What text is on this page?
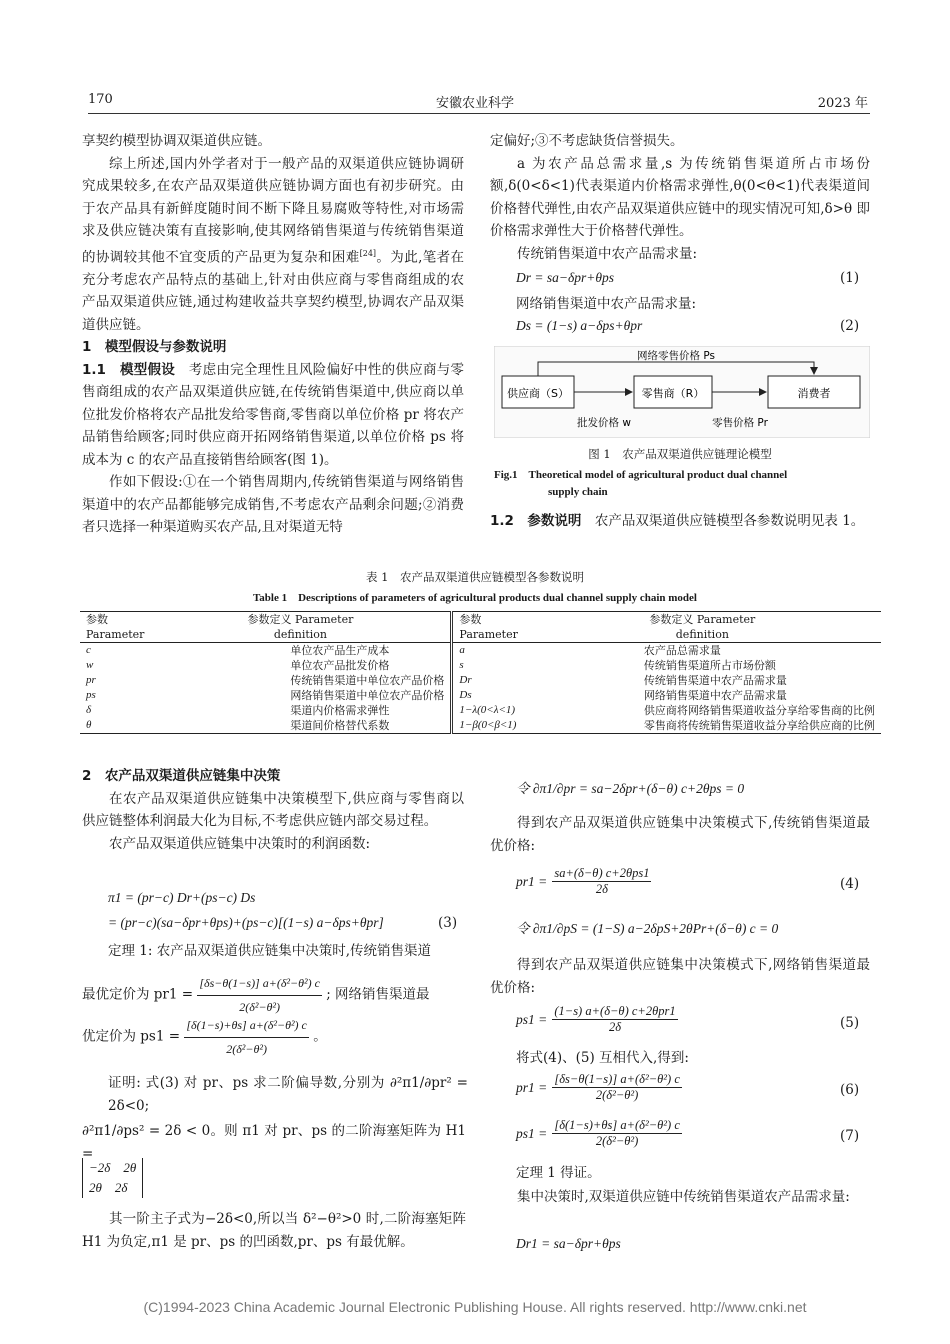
170	安徽农业科学	2023 年

享契约模型协调双渠道供应链。

综上所述,国内外学者对于一般产品的双渠道供应链协调研究成果较多,在农产品双渠道供应链协调方面也有初步研究。由于农产品具有新鲜度随时间不断下降且易腐败等特性,对市场需求及供应链决策有直接影响,使其网络销售渠道与传统销售渠道的协调较其他不宜变质的产品更为复杂和困难[24]。为此,笔者在充分考虑农产品特点的基础上,针对由供应商与零售商组成的农产品双渠道供应链,通过构建收益共享契约模型,协调农产品双渠道供应链。

1　模型假设与参数说明

1.1　模型假设　 考虑由完全理性且风险偏好中性的供应商与零售商组成的农产品双渠道供应链,在传统销售渠道中,供应商以单位批发价格将农产品批发给零售商,零售商以单位价格 pr 将农产品销售给顾客;同时供应商开拓网络销售渠道,以单位价格 ps 将成本为 c 的农产品直接销售给顾客(图 1)。

作如下假设:①在一个销售周期内,传统销售渠道与网络销售渠道中的农产品都能够完成销售,不考虑农产品剩余问题;②消费者只选择一种渠道购买农产品,且对渠道无特

定偏好;③不考虑缺货信誉损失。

a 为农产品总需求量,s 为传统销售渠道所占市场份额,δ(0<δ<1)代表渠道内价格需求弹性,θ(0<θ<1)代表渠道间价格替代弹性,由农产品双渠道供应链中的现实情况可知,δ>θ 即价格需求弹性大于价格替代弹性。

传统销售渠道中农产品需求量:

Dr = sa−δpr+θps	(1)

网络销售渠道中农产品需求量:

Ds = (1−s) a−δps+θpr	(2)
供应商（S）	零售商（R）	消费者
网络零售价格 Ps
批发价格 w	零售价格 Pr
图 1　农产品双渠道供应链理论模型
Fig.1　Theoretical model of agricultural product dual channel
supply chain

1.2　参数说明　 农产品双渠道供应链模型各参数说明见表 1。

表 1　农产品双渠道供应链模型各参数说明
Table 1　Descriptions of parameters of agricultural products dual channel supply chain model
参数
Parameter	参数定义 Parameter
definition	参数
Parameter	参数定义 Parameter
definition
c	单位农产品生产成本	a	农产品总需求量
w	单位农产品批发价格	s	传统销售渠道所占市场份额
pr	传统销售渠道中单位农产品价格	Dr	传统销售渠道中农产品需求量
ps	网络销售渠道中单位农产品价格	Ds	网络销售渠道中农产品需求量
δ	渠道内价格需求弹性	1−λ(0<λ<1)	供应商将网络销售渠道收益分享给零售商的比例
θ	渠道间价格替代系数	1−β(0<β<1)	零售商将传统销售渠道收益分享给供应商的比例

2　农产品双渠道供应链集中决策

在农产品双渠道供应链集中决策模型下,供应商与零售商以供应链整体利润最大化为目标,不考虑供应链内部交易过程。

农产品双渠道供应链集中决策时的利润函数:

π1 = (pr−c) Dr+(ps−c) Ds
= (pr−c)(sa−δpr+θps)+(ps−c)[(1−s) a−δps+θpr]	(3)

定理 1: 农产品双渠道供应链集中决策时,传统销售渠道

最优定价为 $pr1 = \frac{\text{[δs−θ(1−s)] a+(δ²−θ²) c}}{\text{2(δ²−θ²)}}$ ; 网络销售渠道最
优定价为 $ps1 = \frac{\text{[δ(1−s)+θs] a+(δ²−θ²) c}}{\text{2(δ²−θ²)}}$ 。

证明: 式(3) 对 pr、ps 求二阶偏导数,分别为 ∂²π1/∂pr² = 2δ<0;

∂²π1/∂ps² = 2δ < 0。则 π1 对 pr、ps 的二阶海塞矩阵为 H1 =

−2δ　2θ
2θ　2δ

其一阶主子式为−2δ<0,所以当 δ²−θ²>0 时,二阶海塞矩阵 H1 为负定,π1 是 pr、ps 的凹函数,pr、ps 有最优解。

令 ∂π1/∂pr = sa−2δpr+(δ−θ) c+2θps = 0

得到农产品双渠道供应链集中决策模式下,传统销售渠道最优价格:

$pr1 = \frac{\text{sa+(δ−θ) c+2θps1}}{2\delta}$	(4)

令 ∂π1/∂pS = (1−S) a−2δpS+2θPr+(δ−θ) c = 0

得到农产品双渠道供应链集中决策模式下,网络销售渠道最优价格:

$ps1 = \frac{\text{(1−s) a+(δ−θ) c+2θpr1}}{2\delta}$	(5)

将式(4)、(5) 互相代入,得到:

$pr1 = \frac{\text{[δs−θ(1−s)] a+(δ²−θ²) c}}{\text{2(δ²−θ²)}}$	(6)
$ps1 = \frac{\text{[δ(1−s)+θs] a+(δ²−θ²) c}}{\text{2(δ²−θ²)}}$	(7)

定理 1 得证。

集中决策时,双渠道供应链中传统销售渠道农产品需求量:

Dr1 = sa−δpr+θps
(C)1994-2023 China Academic Journal Electronic Publishing House. All rights reserved. http://www.cnki.net
